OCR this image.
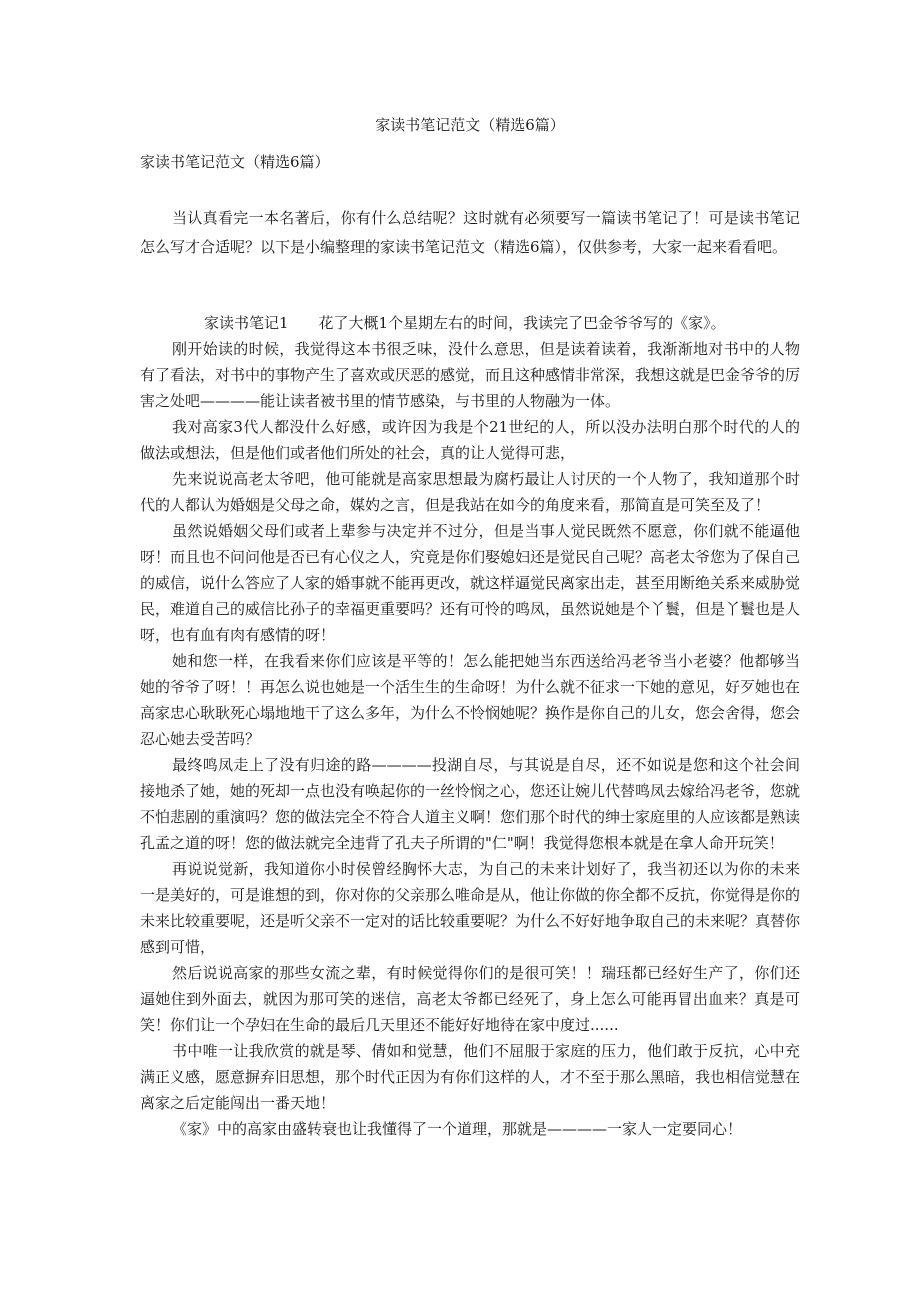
家读书笔记范文（精选6篇）
家读书笔记范文（精选6篇）
当认真看完一本名著后，你有什么总结呢？这时就有必须要写一篇读书笔记了！可是读书笔记怎么写才合适呢？以下是小编整理的家读书笔记范文（精选6篇），仅供参考，大家一起来看看吧。

家读书笔记1 花了大概1个星期左右的时间，我读完了巴金爷爷写的《家》。

刚开始读的时候，我觉得这本书很乏味，没什么意思，但是读着读着，我渐渐地对书中的人物有了看法，对书中的事物产生了喜欢或厌恶的感觉，而且这种感情非常深，我想这就是巴金爷爷的厉害之处吧————能让读者被书里的情节感染，与书里的人物融为一体。

我对高家3代人都没什么好感，或许因为我是个21世纪的人，所以没办法明白那个时代的人的做法或想法，但是他们或者他们所处的社会，真的让人觉得可悲，

先来说说高老太爷吧，他可能就是高家思想最为腐朽最让人讨厌的一个人物了，我知道那个时代的人都认为婚姻是父母之命，媒妁之言，但是我站在如今的角度来看，那简直是可笑至及了！

虽然说婚姻父母们或者上辈参与决定并不过分，但是当事人觉民既然不愿意，你们就不能逼他呀！而且也不问问他是否已有心仪之人，究竟是你们娶媳妇还是觉民自己呢？高老太爷您为了保自己的威信，说什么答应了人家的婚事就不能再更改，就这样逼觉民离家出走，甚至用断绝关系来威胁觉民，难道自己的威信比孙子的幸福更重要吗？还有可怜的鸣凤，虽然说她是个丫鬟，但是丫鬟也是人呀，也有血有肉有感情的呀！

她和您一样，在我看来你们应该是平等的！怎么能把她当东西送给冯老爷当小老婆？他都够当她的爷爷了呀！！再怎么说也她是一个活生生的生命呀！为什么就不征求一下她的意见，好歹她也在高家忠心耿耿死心塌地地干了这么多年，为什么不怜悯她呢？换作是你自己的儿女，您会舍得，您会忍心她去受苦吗？

最终鸣凤走上了没有归途的路————投湖自尽，与其说是自尽，还不如说是您和这个社会间接地杀了她，她的死却一点也没有唤起你的一丝怜悯之心，您还让婉儿代替鸣凤去嫁给冯老爷，您就不怕悲剧的重演吗？您的做法完全不符合人道主义啊！您们那个时代的绅士家庭里的人应该都是熟读孔孟之道的呀！您的做法就完全违背了孔夫子所谓的"仁"啊！我觉得您根本就是在拿人命开玩笑！

再说说觉新，我知道你小时侯曾经胸怀大志，为自己的未来计划好了，我当初还以为你的未来一是美好的，可是谁想的到，你对你的父亲那么唯命是从，他让你做的你全都不反抗，你觉得是你的未来比较重要呢，还是听父亲不一定对的话比较重要呢？为什么不好好地争取自己的未来呢？真替你感到可惜，

然后说说高家的那些女流之辈，有时候觉得你们的是很可笑！！瑞珏都已经好生产了，你们还逼她住到外面去，就因为那可笑的迷信，高老太爷都已经死了，身上怎么可能再冒出血来？真是可笑！你们让一个孕妇在生命的最后几天里还不能好好地待在家中度过......

书中唯一让我欣赏的就是琴、倩如和觉慧，他们不屈服于家庭的压力，他们敢于反抗，心中充满正义感，愿意摒弃旧思想，那个时代正因为有你们这样的人，才不至于那么黑暗，我也相信觉慧在离家之后定能闯出一番天地！

《家》中的高家由盛转衰也让我懂得了一个道理，那就是————一家人一定要同心！
